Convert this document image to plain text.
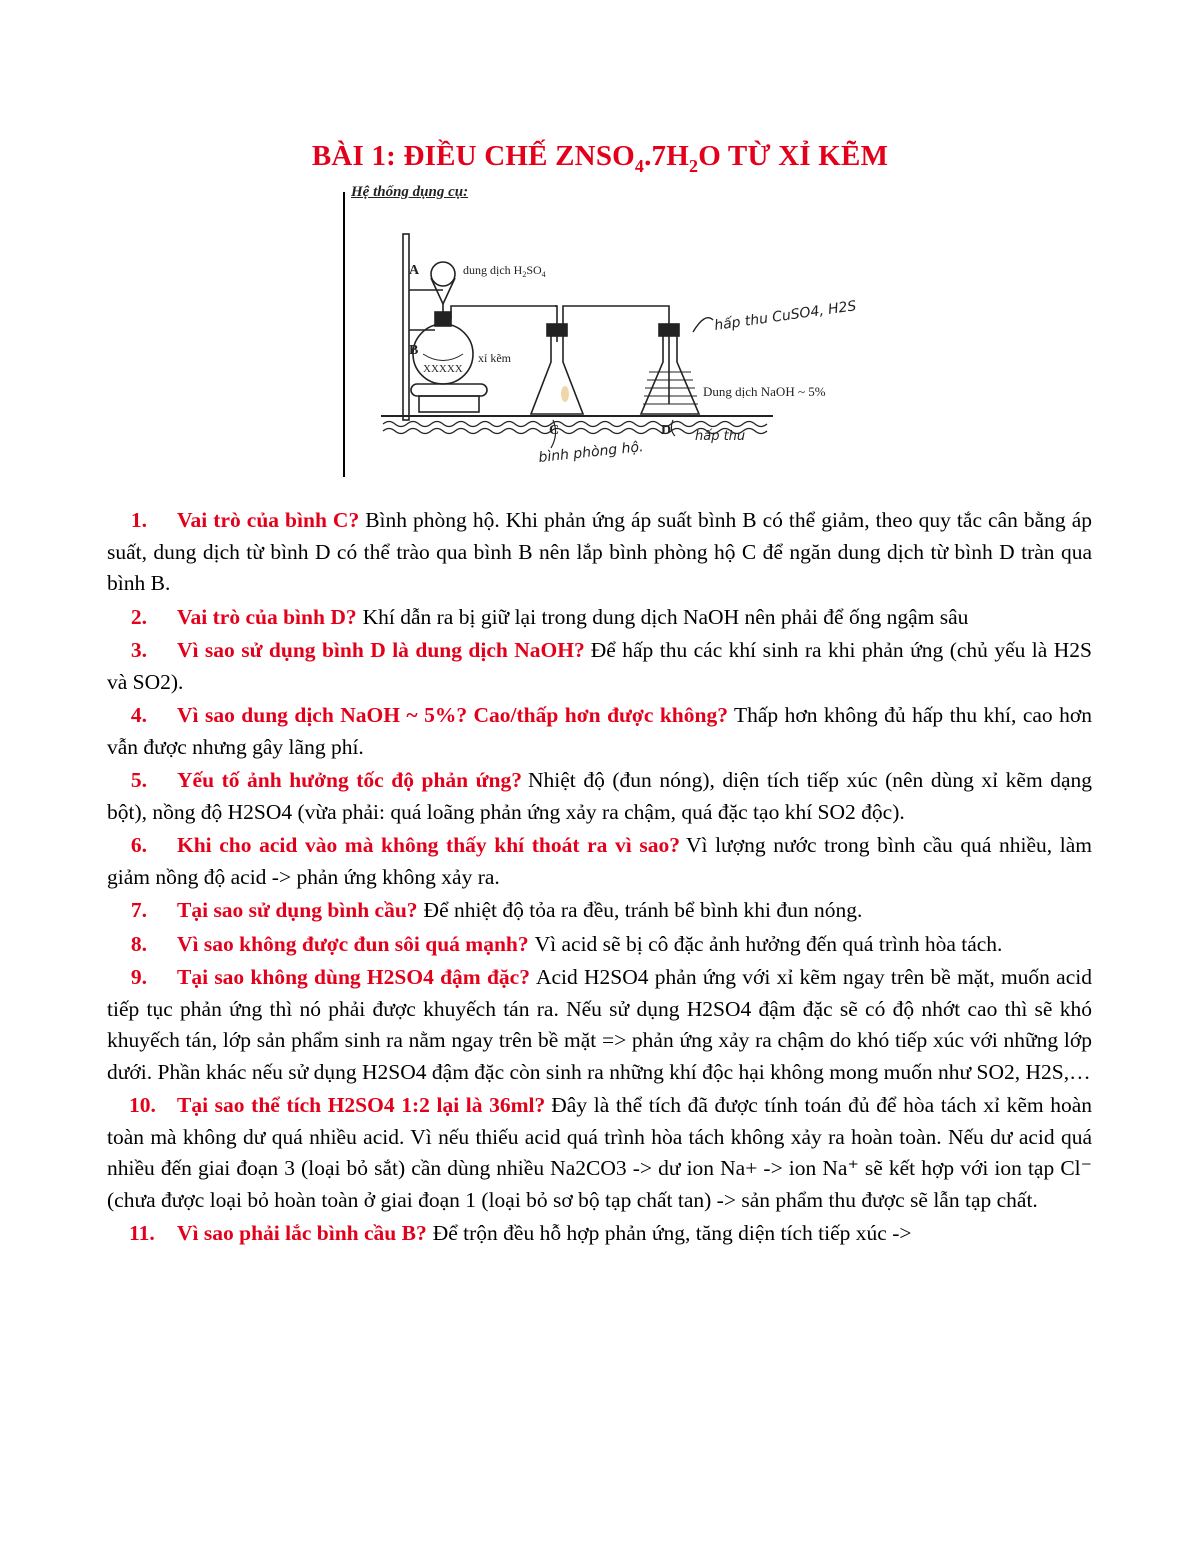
BÀI 1: ĐIỀU CHẾ $ZNSO_4.7H_2O$ TỪ XỈ KẼM
Hệ thống dụng cụ:
A
B
C	D
dung dịch $H_2SO_4$
XXXXX
xỉ kẽm
Dung dịch NaOH ~ 5%
hấp thu CuSO4, H2S
bình phòng hộ.
hấp thu
1. Vai trò của bình C? Bình phòng hộ. Khi phản ứng áp suất bình B có thể giảm, theo quy tắc cân bằng áp suất, dung dịch từ bình D có thể trào qua bình B nên lắp bình phòng hộ C để ngăn dung dịch từ bình D tràn qua bình B.
2. Vai trò của bình D? Khí dẫn ra bị giữ lại trong dung dịch NaOH nên phải để ống ngậm sâu
3. Vì sao sử dụng bình D là dung dịch NaOH? Để hấp thu các khí sinh ra khi phản ứng (chủ yếu là H2S và SO2).
4. Vì sao dung dịch NaOH ~ 5%? Cao/thấp hơn được không? Thấp hơn không đủ hấp thu khí, cao hơn vẫn được nhưng gây lãng phí.
5. Yếu tố ảnh hưởng tốc độ phản ứng? Nhiệt độ (đun nóng), diện tích tiếp xúc (nên dùng xỉ kẽm dạng bột), nồng độ H2SO4 (vừa phải: quá loãng phản ứng xảy ra chậm, quá đặc tạo khí SO2 độc).
6. Khi cho acid vào mà không thấy khí thoát ra vì sao? Vì lượng nước trong bình cầu quá nhiều, làm giảm nồng độ acid -> phản ứng không xảy ra.
7. Tại sao sử dụng bình cầu? Để nhiệt độ tỏa ra đều, tránh bể bình khi đun nóng.
8. Vì sao không được đun sôi quá mạnh? Vì acid sẽ bị cô đặc ảnh hưởng đến quá trình hòa tách.
9. Tại sao không dùng H2SO4 đậm đặc? Acid H2SO4 phản ứng với xỉ kẽm ngay trên bề mặt, muốn acid tiếp tục phản ứng thì nó phải được khuyếch tán ra. Nếu sử dụng H2SO4 đậm đặc sẽ có độ nhớt cao thì sẽ khó khuyếch tán, lớp sản phẩm sinh ra nằm ngay trên bề mặt => phản ứng xảy ra chậm do khó tiếp xúc với những lớp dưới. Phần khác nếu sử dụng H2SO4 đậm đặc còn sinh ra những khí độc hại không mong muốn như SO2, H2S,…
10. Tại sao thể tích H2SO4 1:2 lại là 36ml? Đây là thể tích đã được tính toán đủ để hòa tách xỉ kẽm hoàn toàn mà không dư quá nhiều acid. Vì nếu thiếu acid quá trình hòa tách không xảy ra hoàn toàn. Nếu dư acid quá nhiều đến giai đoạn 3 (loại bỏ sắt) cần dùng nhiều Na2CO3 -> dư ion Na+ -> ion Na⁺ sẽ kết hợp với ion tạp Cl⁻ (chưa được loại bỏ hoàn toàn ở giai đoạn 1 (loại bỏ sơ bộ tạp chất tan) -> sản phẩm thu được sẽ lẫn tạp chất.
11. Vì sao phải lắc bình cầu B? Để trộn đều hỗ hợp phản ứng, tăng diện tích tiếp xúc ->
